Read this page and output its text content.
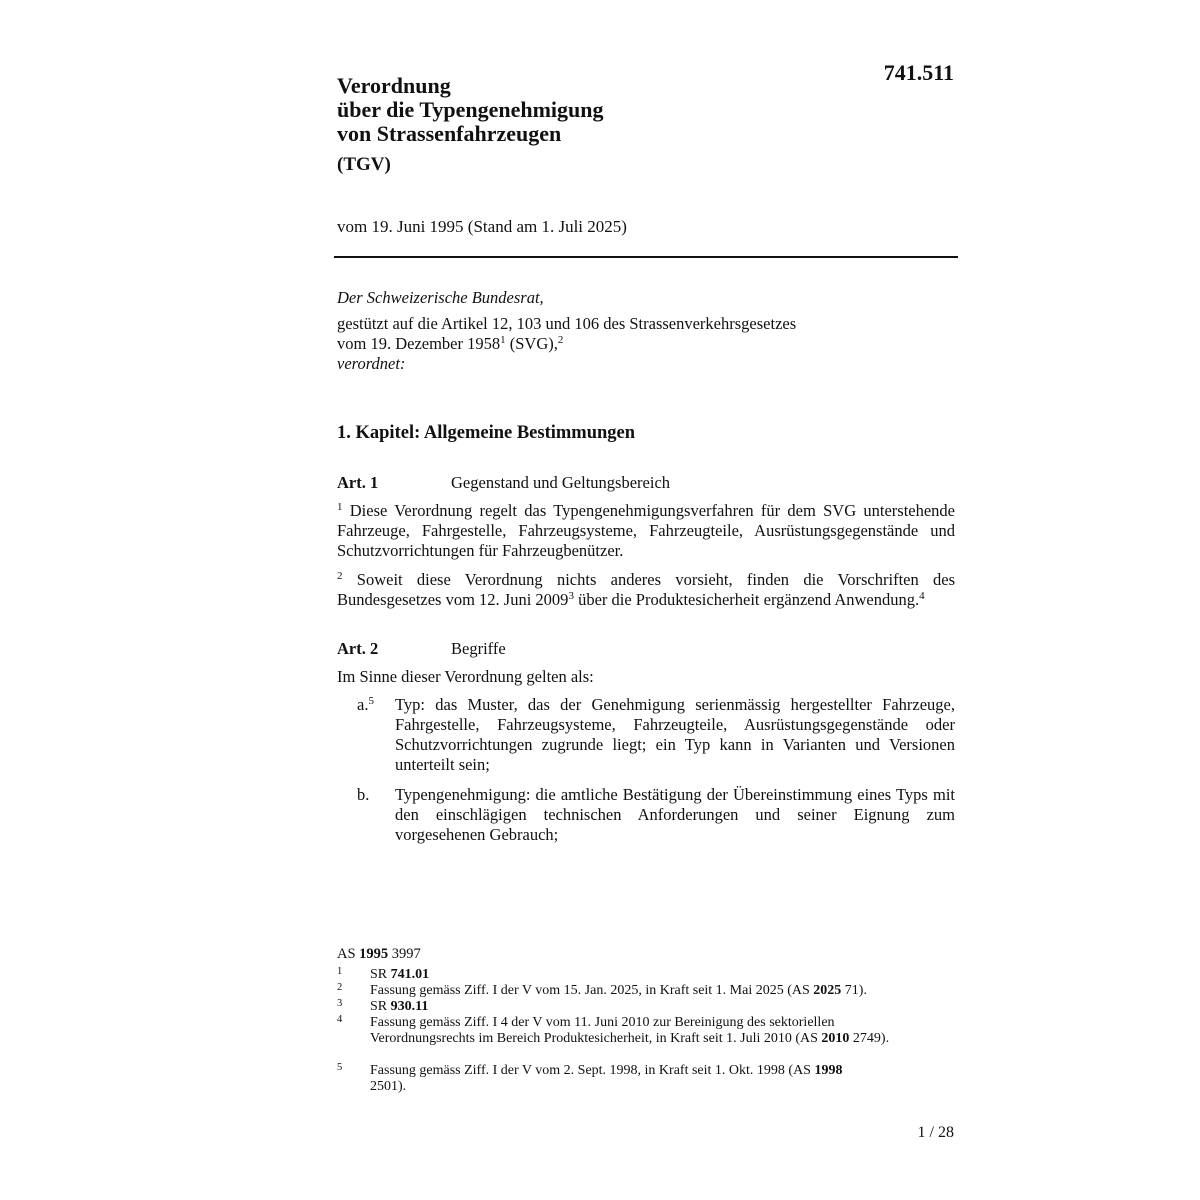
741.511
Verordnung
über die Typengenehmigung
von Strassenfahrzeugen
(TGV)
vom 19. Juni 1995 (Stand am 1. Juli 2025)
Der Schweizerische Bundesrat,
gestützt auf die Artikel 12, 103 und 106 des Strassenverkehrsgesetzes
vom 19. Dezember 1958$^1$ (SVG),$^2$
verordnet:
1. Kapitel: Allgemeine Bestimmungen
Art. 1	Gegenstand und Geltungsbereich
$^1$ Diese Verordnung regelt das Typengenehmigungsverfahren für dem SVG unterstehende Fahrzeuge, Fahrgestelle, Fahrzeugsysteme, Fahrzeugteile, Ausrüstungsgegenstände und Schutzvorrichtungen für Fahrzeugbenützer.
$^2$ Soweit diese Verordnung nichts anderes vorsieht, finden die Vorschriften des Bundesgesetzes vom 12. Juni 2009$^3$ über die Produktesicherheit ergänzend Anwendung.$^4$
Art. 2	Begriffe
Im Sinne dieser Verordnung gelten als:
a.$^5$ Typ: das Muster, das der Genehmigung serienmässig hergestellter Fahrzeuge, Fahrgestelle, Fahrzeugsysteme, Fahrzeugteile, Ausrüstungsgegenstände oder Schutzvorrichtungen zugrunde liegt; ein Typ kann in Varianten und Versionen unterteilt sein;
b. Typengenehmigung: die amtliche Bestätigung der Übereinstimmung eines Typs mit den einschlägigen technischen Anforderungen und seiner Eignung zum vorgesehenen Gebrauch;
AS 1995 3997
1 SR 741.01
2 Fassung gemäss Ziff. I der V vom 15. Jan. 2025, in Kraft seit 1. Mai 2025 (AS 2025 71).
3 SR 930.11
4 Fassung gemäss Ziff. I 4 der V vom 11. Juni 2010 zur Bereinigung des sektoriellen Verordnungsrechts im Bereich Produktesicherheit, in Kraft seit 1. Juli 2010 (AS 2010 2749).
5 Fassung gemäss Ziff. I der V vom 2. Sept. 1998, in Kraft seit 1. Okt. 1998 (AS 1998 2501).
1 / 28
